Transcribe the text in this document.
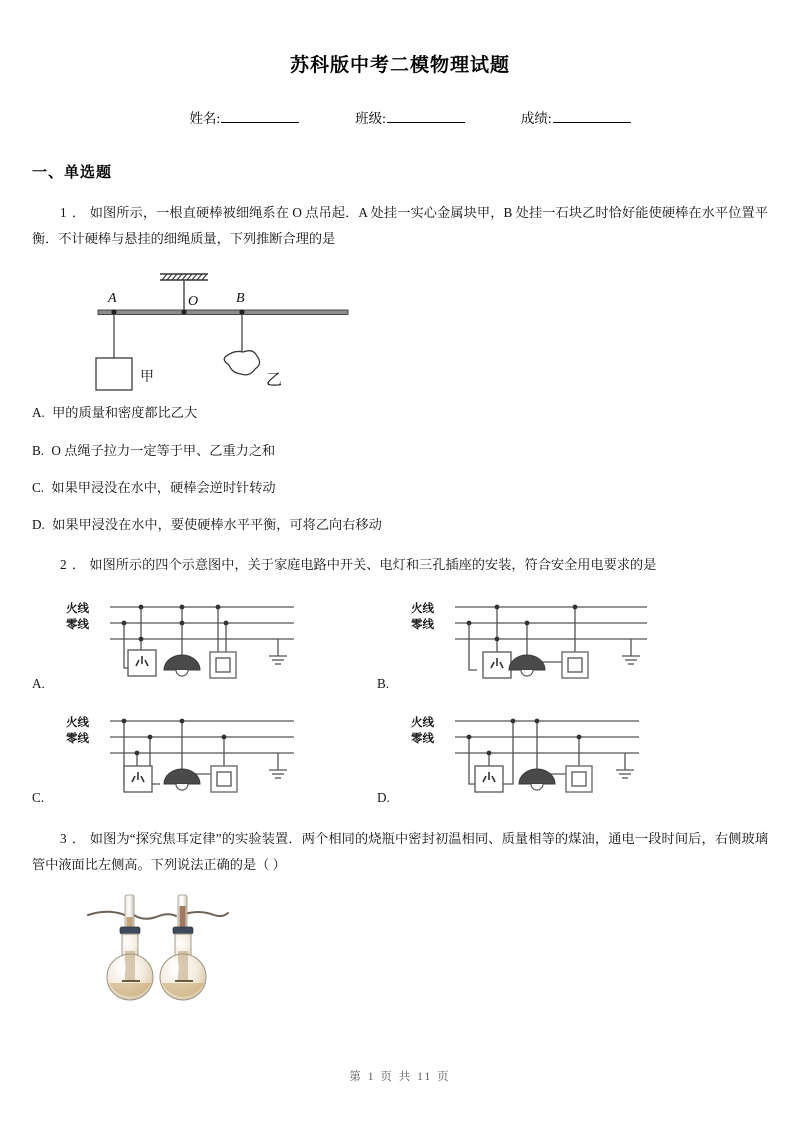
苏科版中考二模物理试题
姓名:	班级:	成绩:
一、单选题
1 ． 如图所示，一根直硬棒被细绳系在 O 点吊起．A 处挂一实心金属块甲，B 处挂一石块乙时恰好能使硬棒在水平位置平衡．不计硬棒与悬挂的细绳质量，下列推断合理的是
A	O	B
甲	乙
A. 甲的质量和密度都比乙大
B. O 点绳子拉力一定等于甲、乙重力之和
C. 如果甲浸没在水中，硬棒会逆时针转动
D. 如果甲浸没在水中，要使硬棒水平平衡，可将乙向右移动
2 ． 如图所示的四个示意图中，关于家庭电路中开关、电灯和三孔插座的安装，符合安全用电要求的是
A.
火线
零线
B.
火线
零线
C.
火线
零线
D.
火线
零线
3 ． 如图为“探究焦耳定律”的实验装置．两个相同的烧瓶中密封初温相同、质量相等的煤油，通电一段时间后，右侧玻璃管中液面比左侧高。下列说法正确的是（ ）
第 1 页 共 11 页
